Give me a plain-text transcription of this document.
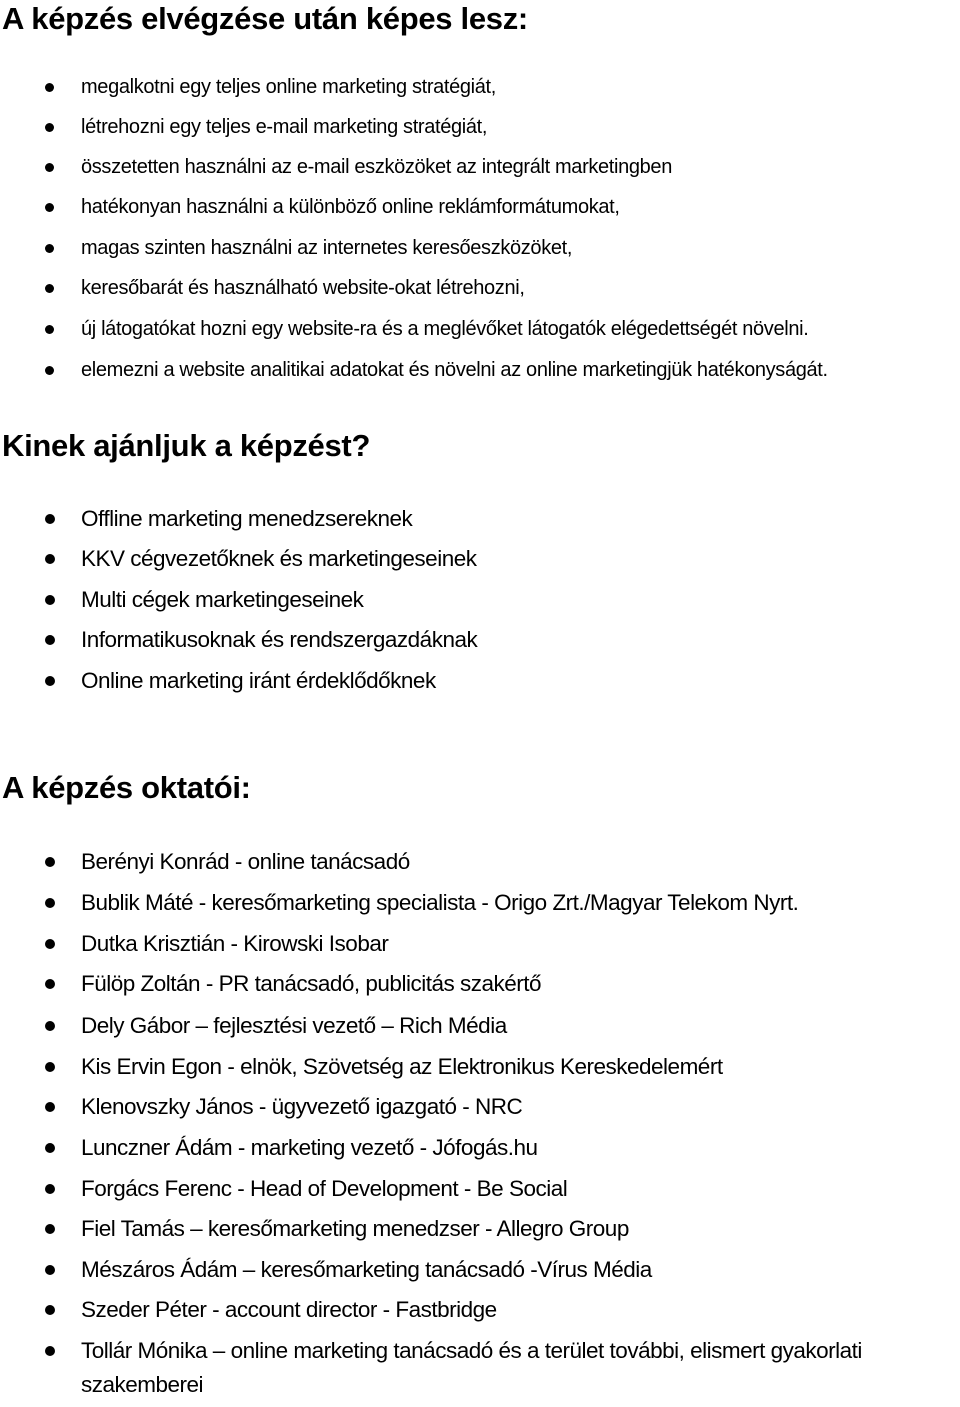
A képzés elvégzése után képes lesz:
megalkotni egy teljes online marketing stratégiát,
létrehozni egy teljes e-mail marketing stratégiát,
összetetten használni az e-mail eszközöket az integrált marketingben
hatékonyan használni a különböző online reklámformátumokat,
magas szinten használni az internetes keresőeszközöket,
keresőbarát és használható website-okat létrehozni,
új látogatókat hozni egy website-ra és a meglévőket látogatók elégedettségét növelni.
elemezni a website analitikai adatokat és növelni az online marketingjük hatékonyságát.
Kinek ajánljuk a képzést?
Offline marketing menedzsereknek
KKV cégvezetőknek és marketingeseinek
Multi cégek marketingeseinek
Informatikusoknak és rendszergazdáknak
Online marketing iránt érdeklődőknek
A képzés oktatói:
Berényi Konrád - online tanácsadó
Bublik Máté - keresőmarketing specialista - Origo Zrt./Magyar Telekom Nyrt.
Dutka Krisztián - Kirowski Isobar
Fülöp Zoltán - PR tanácsadó, publicitás szakértő
Dely Gábor – fejlesztési vezető – Rich Média
Kis Ervin Egon - elnök, Szövetség az Elektronikus Kereskedelemért
Klenovszky János - ügyvezető igazgató - NRC
Lunczner Ádám - marketing vezető - Jófogás.hu
Forgács Ferenc - Head of Development - Be Social
Fiel Tamás – keresőmarketing menedzser - Allegro Group
Mészáros Ádám – keresőmarketing tanácsadó -Vírus Média
Szeder Péter - account director - Fastbridge
Tollár Mónika – online marketing tanácsadó és a terület további, elismert gyakorlati
szakemberei
